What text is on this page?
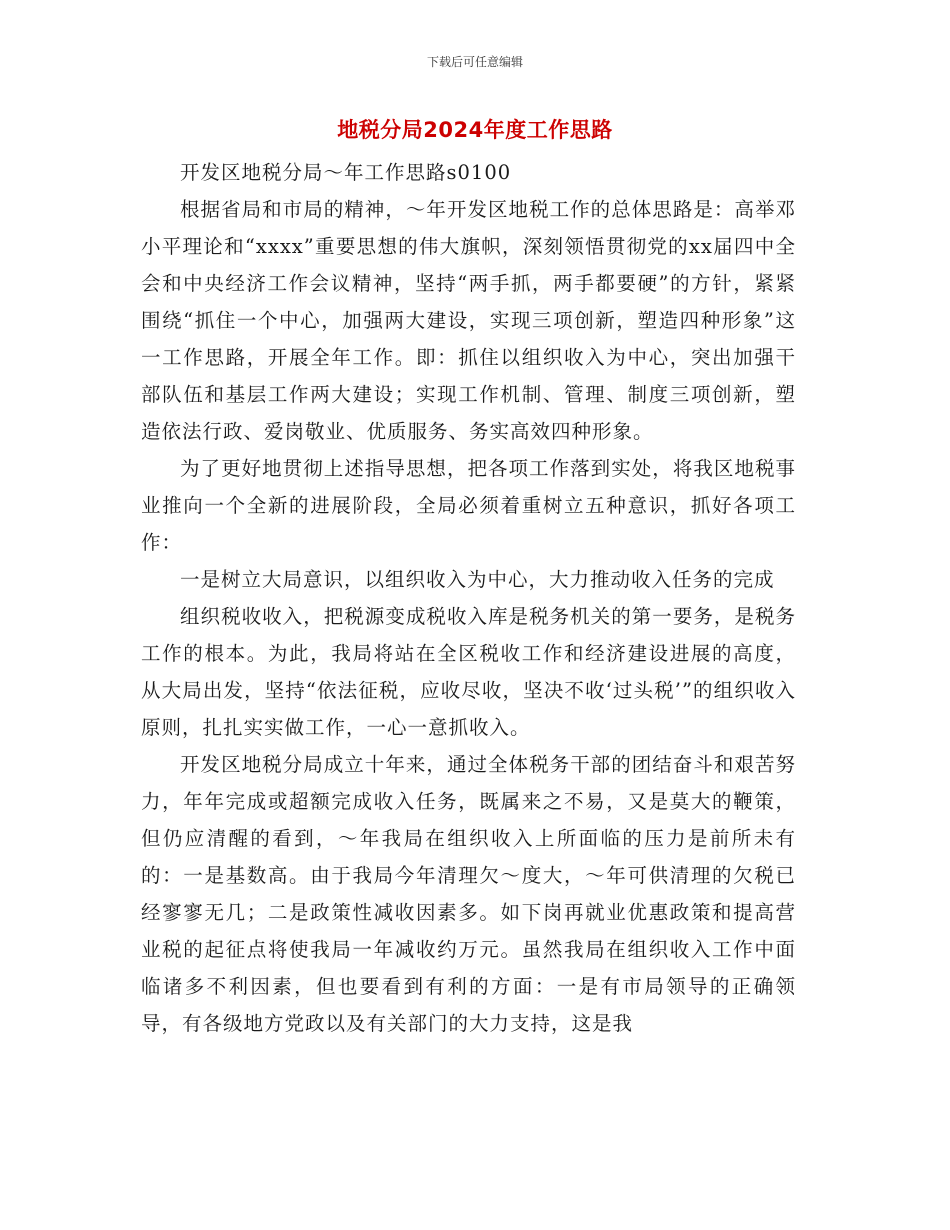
下载后可任意编辑
地税分局2024年度工作思路

开发区地税分局～年工作思路s0100

根据省局和市局的精神，～年开发区地税工作的总体思路是：高举邓小平理论和“xxxx”重要思想的伟大旗帜，深刻领悟贯彻党的xx届四中全会和中央经济工作会议精神，坚持“两手抓，两手都要硬”的方针，紧紧围绕“抓住一个中心，加强两大建设，实现三项创新，塑造四种形象”这一工作思路，开展全年工作。即：抓住以组织收入为中心，突出加强干部队伍和基层工作两大建设；实现工作机制、管理、制度三项创新，塑造依法行政、爱岗敬业、优质服务、务实高效四种形象。

为了更好地贯彻上述指导思想，把各项工作落到实处，将我区地税事业推向一个全新的进展阶段，全局必须着重树立五种意识，抓好各项工作：

一是树立大局意识，以组织收入为中心，大力推动收入任务的完成

组织税收收入，把税源变成税收入库是税务机关的第一要务，是税务工作的根本。为此，我局将站在全区税收工作和经济建设进展的高度，从大局出发，坚持“依法征税，应收尽收，坚决不收‘过头税’”的组织收入原则，扎扎实实做工作，一心一意抓收入。

开发区地税分局成立十年来，通过全体税务干部的团结奋斗和艰苦努力，年年完成或超额完成收入任务，既属来之不易，又是莫大的鞭策，但仍应清醒的看到，～年我局在组织收入上所面临的压力是前所未有的：一是基数高。由于我局今年清理欠～度大，～年可供清理的欠税已经寥寥无几；二是政策性减收因素多。如下岗再就业优惠政策和提高营业税的起征点将使我局一年减收约万元。虽然我局在组织收入工作中面临诸多不利因素，但也要看到有利的方面：一是有市局领导的正确领导，有各级地方党政以及有关部门的大力支持，这是我
